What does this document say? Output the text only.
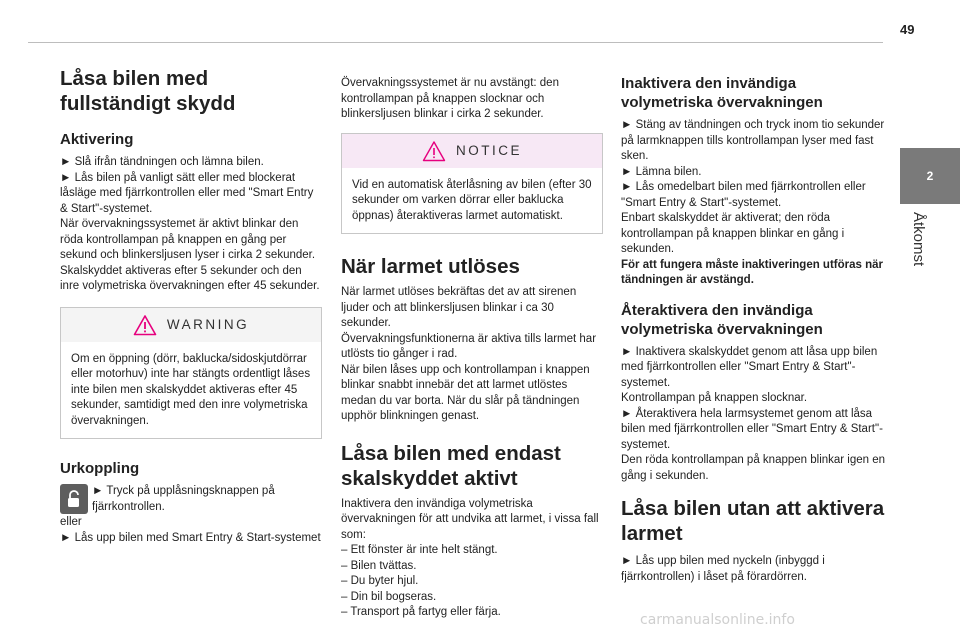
49
2
Åtkomst
Låsa bilen med fullständigt skydd
Aktivering

► Slå ifrån tändningen och lämna bilen.

► Lås bilen på vanligt sätt eller med blockerat låsläge med fjärrkontrollen eller med "Smart Entry & Start"-systemet.

När övervakningssystemet är aktivt blinkar den röda kontrollampan på knappen en gång per sekund och blinkersljusen lyser i cirka 2 sekunder.

Skalskyddet aktiveras efter 5 sekunder och den inre volymetriska övervakningen efter 45 sekunder.

WARNING
Om en öppning (dörr, baklucka/sidoskjutdörrar eller motorhuv) inte har stängts ordentligt låses inte bilen men skalskyddet aktiveras efter 45 sekunder, samtidigt med den inre volymetriska övervakningen.
Urkoppling

► Tryck på upplåsningsknappen på fjärrkontrollen.

eller

► Lås upp bilen med Smart Entry & Start-systemet

Övervakningssystemet är nu avstängt: den kontrollampan på knappen slocknar och blinkersljusen blinkar i cirka 2 sekunder.

NOTICE
Vid en automatisk återlåsning av bilen (efter 30 sekunder om varken dörrar eller baklucka öppnas) återaktiveras larmet automatiskt.
När larmet utlöses

När larmet utlöses bekräftas det av att sirenen ljuder och att blinkersljusen blinkar i ca 30 sekunder.

Övervakningsfunktionerna är aktiva tills larmet har utlösts tio gånger i rad.

När bilen låses upp och kontrollampan i knappen blinkar snabbt innebär det att larmet utlöstes medan du var borta. När du slår på tändningen upphör blinkningen genast.

Låsa bilen med endast skalskyddet aktivt

Inaktivera den invändiga volymetriska övervakningen för att undvika att larmet, i vissa fall som:

– Ett fönster är inte helt stängt.

– Bilen tvättas.

– Du byter hjul.

– Din bil bogseras.

– Transport på fartyg eller färja.

Inaktivera den invändiga volymetriska övervakningen

► Stäng av tändningen och tryck inom tio sekunder på larmknappen tills kontrollampan lyser med fast sken.

► Lämna bilen.

► Lås omedelbart bilen med fjärrkontrollen eller "Smart Entry & Start"-systemet.

Enbart skalskyddet är aktiverat; den röda kontrollampan på knappen blinkar en gång i sekunden.

För att fungera måste inaktiveringen utföras när tändningen är avstängd.

Återaktivera den invändiga volymetriska övervakningen

► Inaktivera skalskyddet genom att låsa upp bilen med fjärrkontrollen eller "Smart Entry & Start"-systemet.

Kontrollampan på knappen slocknar.

► Återaktivera hela larmsystemet genom att låsa bilen med fjärrkontrollen eller "Smart Entry & Start"-systemet.

Den röda kontrollampan på knappen blinkar igen en gång i sekunden.

Låsa bilen utan att aktivera larmet

► Lås upp bilen med nyckeln (inbyggd i fjärrkontrollen) i låset på förardörren.

carmanualsonline.info
